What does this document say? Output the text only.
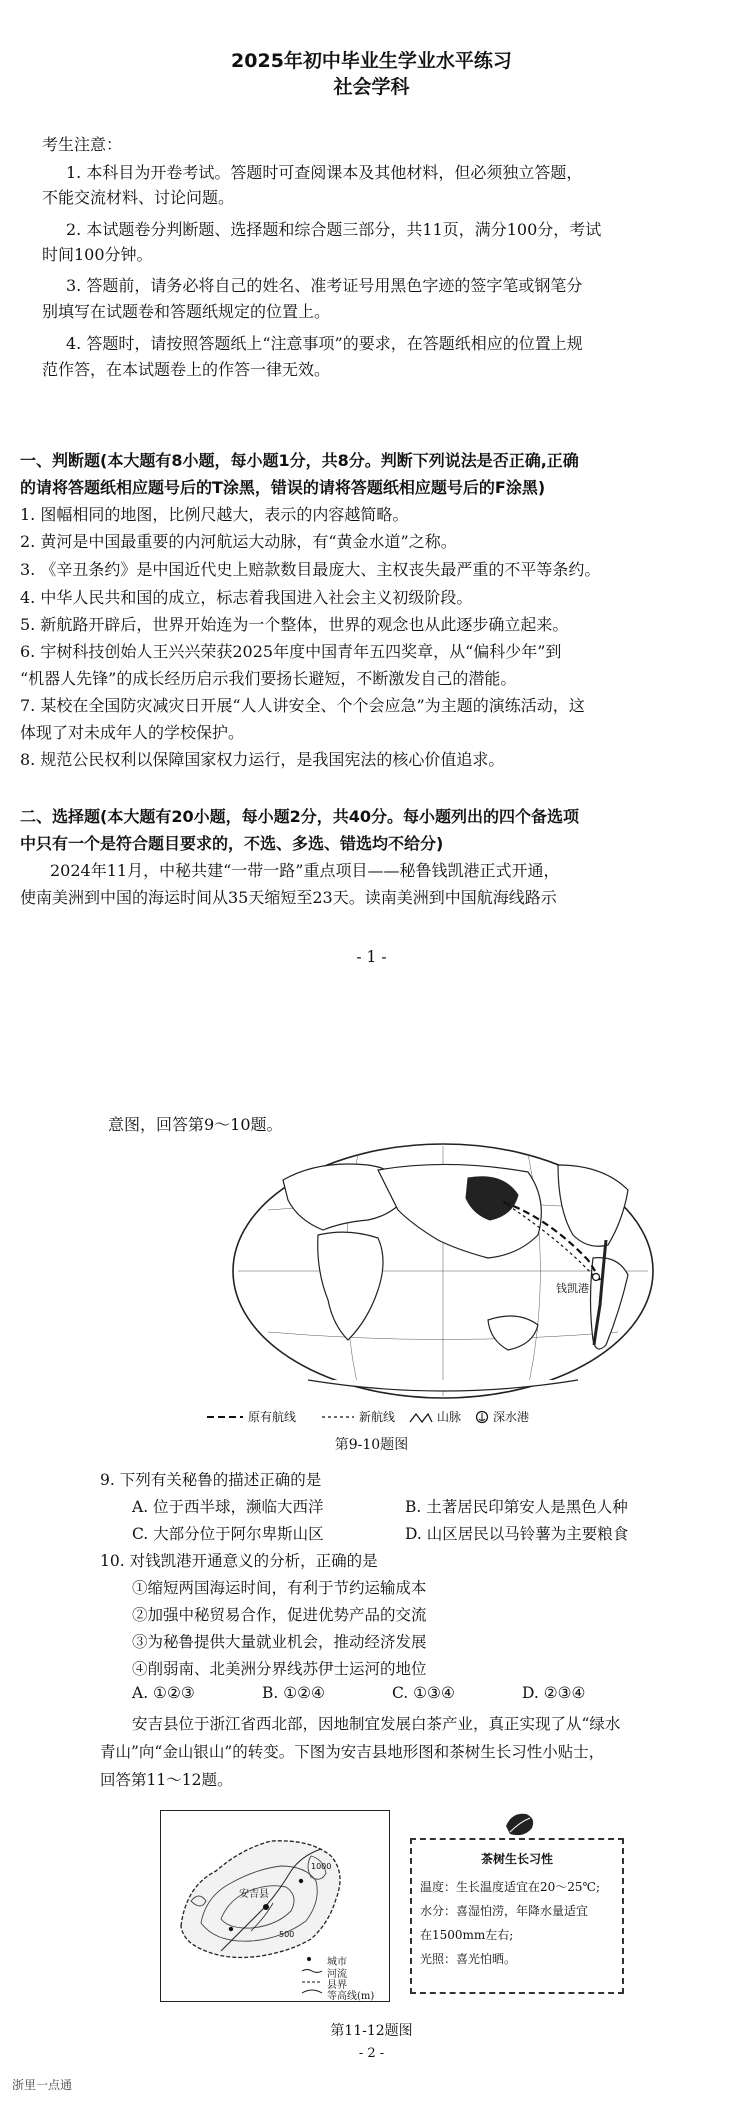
2025年初中毕业生学业水平练习
社会学科
考生注意：
1. 本科目为开卷考试。答题时可查阅课本及其他材料，但必须独立答题，
不能交流材料、讨论问题。
2. 本试题卷分判断题、选择题和综合题三部分，共11页，满分100分，考试
时间100分钟。
3. 答题前，请务必将自己的姓名、准考证号用黑色字迹的签字笔或钢笔分
别填写在试题卷和答题纸规定的位置上。
4. 答题时，请按照答题纸上“注意事项”的要求，在答题纸相应的位置上规
范作答，在本试题卷上的作答一律无效。
一、判断题(本大题有8小题，每小题1分，共8分。判断下列说法是否正确,正确
的请将答题纸相应题号后的T涂黑，错误的请将答题纸相应题号后的F涂黑)
1. 图幅相同的地图，比例尺越大，表示的内容越简略。
2. 黄河是中国最重要的内河航运大动脉，有“黄金水道”之称。
3. 《辛丑条约》是中国近代史上赔款数目最庞大、主权丧失最严重的不平等条约。
4. 中华人民共和国的成立，标志着我国进入社会主义初级阶段。
5. 新航路开辟后，世界开始连为一个整体，世界的观念也从此逐步确立起来。
6. 宇树科技创始人王兴兴荣获2025年度中国青年五四奖章，从“偏科少年”到
“机器人先锋”的成长经历启示我们要扬长避短，不断激发自己的潜能。
7. 某校在全国防灾减灾日开展“人人讲安全、个个会应急”为主题的演练活动，这
体现了对未成年人的学校保护。
8. 规范公民权利以保障国家权力运行，是我国宪法的核心价值追求。
二、选择题(本大题有20小题，每小题2分，共40分。每小题列出的四个备选项
中只有一个是符合题目要求的，不选、多选、错选均不给分)
2024年11月，中秘共建“一带一路”重点项目——秘鲁钱凯港正式开通，
使南美洲到中国的海运时间从35天缩短至23天。读南美洲到中国航海线路示
- 1 -
意图，回答第9～10题。
钱凯港
原有航线	新航线	山脉	深水港
第9-10题图
9. 下列有关秘鲁的描述正确的是
A. 位于西半球，濒临大西洋	B. 土著居民印第安人是黑色人种
C. 大部分位于阿尔卑斯山区	D. 山区居民以马铃薯为主要粮食
10. 对钱凯港开通意义的分析，正确的是
①缩短两国海运时间，有利于节约运输成本
②加强中秘贸易合作，促进优势产品的交流
③为秘鲁提供大量就业机会，推动经济发展
④削弱南、北美洲分界线苏伊士运河的地位
A. ①②③	B. ①②④	C. ①③④	D. ②③④
安吉县位于浙江省西北部，因地制宜发展白茶产业，真正实现了从“绿水
青山”向“金山银山”的转变。下图为安吉县地形图和茶树生长习性小贴士，
回答第11～12题。
安吉县
500
1000
城市
河流
县界
等高线(m)
茶树生长习性
温度：生长温度适宜在20～25℃;
水分：喜湿怕涝，年降水量适宜
在1500mm左右;
光照：喜光怕晒。
第11-12题图
- 2 -
浙里一点通
